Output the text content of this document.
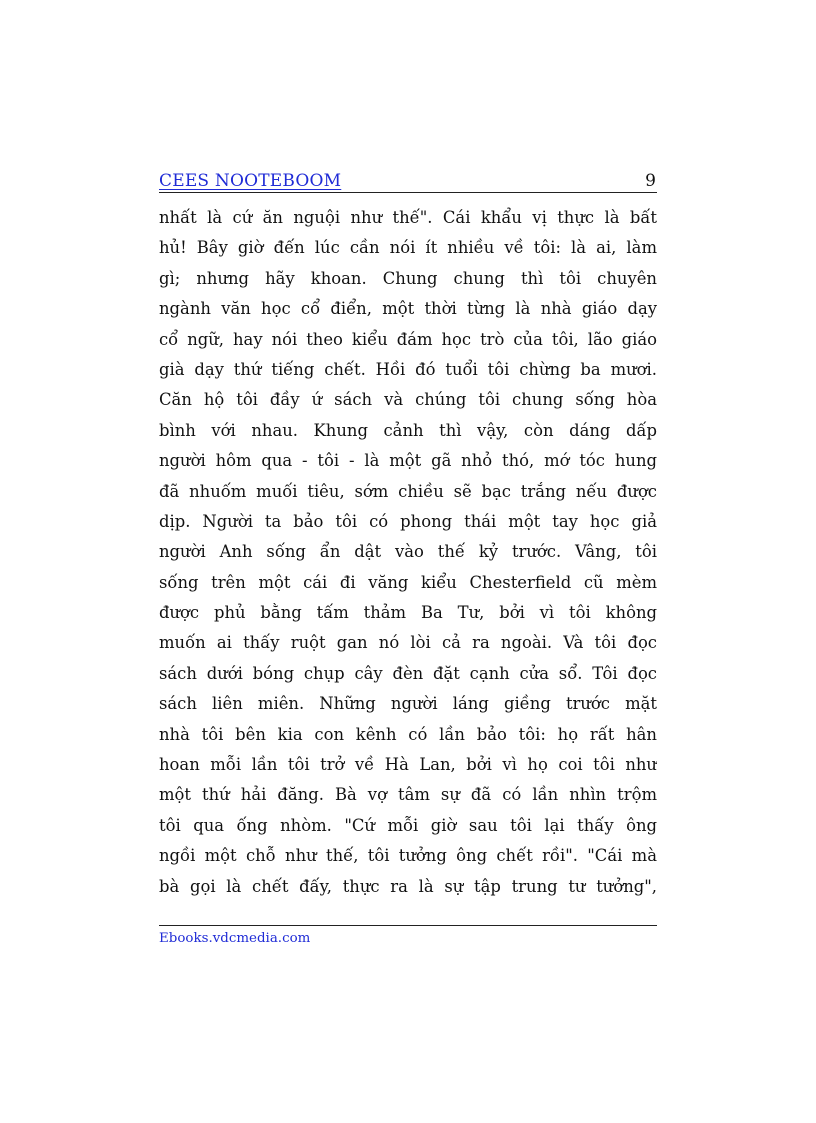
CEES NOOTEBOOM	9
nhất là cứ ăn nguội như thế". Cái khẩu vị thực là bất
hủ! Bây giờ đến lúc cần nói ít nhiều về tôi: là ai, làm
gì; nhưng hãy khoan. Chung chung thì tôi chuyên
ngành văn học cổ điển, một thời từng là nhà giáo dạy
cổ ngữ, hay nói theo kiểu đám học trò của tôi, lão giáo
già dạy thứ tiếng chết. Hồi đó tuổi tôi chừng ba mươi.
Căn hộ tôi đầy ứ sách và chúng tôi chung sống hòa
bình với nhau. Khung cảnh thì vậy, còn dáng dấp
người hôm qua - tôi - là một gã nhỏ thó, mớ tóc hung
đã nhuốm muối tiêu, sớm chiều sẽ bạc trắng nếu được
dịp. Người ta bảo tôi có phong thái một tay học giả
người Anh sống ẩn dật vào thế kỷ trước. Vâng, tôi
sống trên một cái đi văng kiểu Chesterfield cũ mèm
được phủ bằng tấm thảm Ba Tư, bởi vì tôi không
muốn ai thấy ruột gan nó lòi cả ra ngoài. Và tôi đọc
sách dưới bóng chụp cây đèn đặt cạnh cửa sổ. Tôi đọc
sách liên miên. Những người láng giềng trước mặt
nhà tôi bên kia con kênh có lần bảo tôi: họ rất hân
hoan mỗi lần tôi trở về Hà Lan, bởi vì họ coi tôi như
một thứ hải đăng. Bà vợ tâm sự đã có lần nhìn trộm
tôi qua ống nhòm. "Cứ mỗi giờ sau tôi lại thấy ông
ngồi một chỗ như thế, tôi tưởng ông chết rồi". "Cái mà
bà gọi là chết đấy, thực ra là sự tập trung tư tưởng",
Ebooks.vdcmedia.com
